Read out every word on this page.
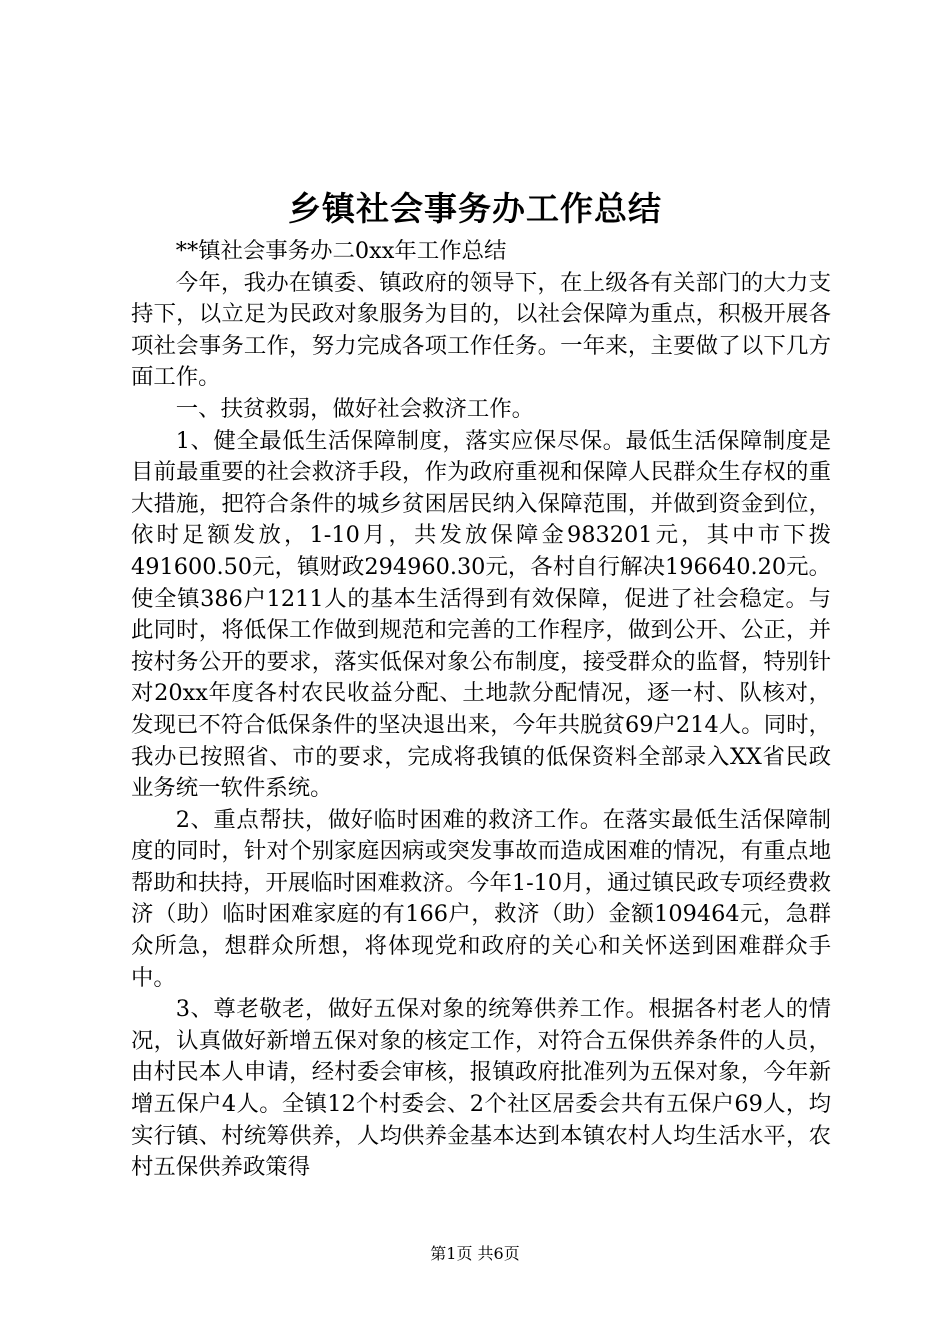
乡镇社会事务办工作总结

**镇社会事务办二0xx年工作总结

今年，我办在镇委、镇政府的领导下，在上级各有关部门的大力支持下，以立足为民政对象服务为目的，以社会保障为重点，积极开展各项社会事务工作，努力完成各项工作任务。一年来，主要做了以下几方面工作。

一、扶贫救弱，做好社会救济工作。

1、健全最低生活保障制度，落实应保尽保。最低生活保障制度是目前最重要的社会救济手段，作为政府重视和保障人民群众生存权的重大措施，把符合条件的城乡贫困居民纳入保障范围，并做到资金到位，依时足额发放，1-10月，共发放保障金983201元，其中市下拨491600.50元，镇财政294960.30元，各村自行解决196640.20元。使全镇386户1211人的基本生活得到有效保障，促进了社会稳定。与此同时，将低保工作做到规范和完善的工作程序，做到公开、公正，并按村务公开的要求，落实低保对象公布制度，接受群众的监督，特别针对20xx年度各村农民收益分配、土地款分配情况，逐一村、队核对，发现已不符合低保条件的坚决退出来，今年共脱贫69户214人。同时，我办已按照省、市的要求，完成将我镇的低保资料全部录入XX省民政业务统一软件系统。

2、重点帮扶，做好临时困难的救济工作。在落实最低生活保障制度的同时，针对个别家庭因病或突发事故而造成困难的情况，有重点地帮助和扶持，开展临时困难救济。今年1-10月，通过镇民政专项经费救济（助）临时困难家庭的有166户，救济（助）金额109464元，急群众所急，想群众所想，将体现党和政府的关心和关怀送到困难群众手中。

3、尊老敬老，做好五保对象的统筹供养工作。根据各村老人的情况，认真做好新增五保对象的核定工作，对符合五保供养条件的人员，由村民本人申请，经村委会审核，报镇政府批准列为五保对象，今年新增五保户4人。全镇12个村委会、2个社区居委会共有五保户69人，均实行镇、村统筹供养，人均供养金基本达到本镇农村人均生活水平，农村五保供养政策得

第1页 共6页
